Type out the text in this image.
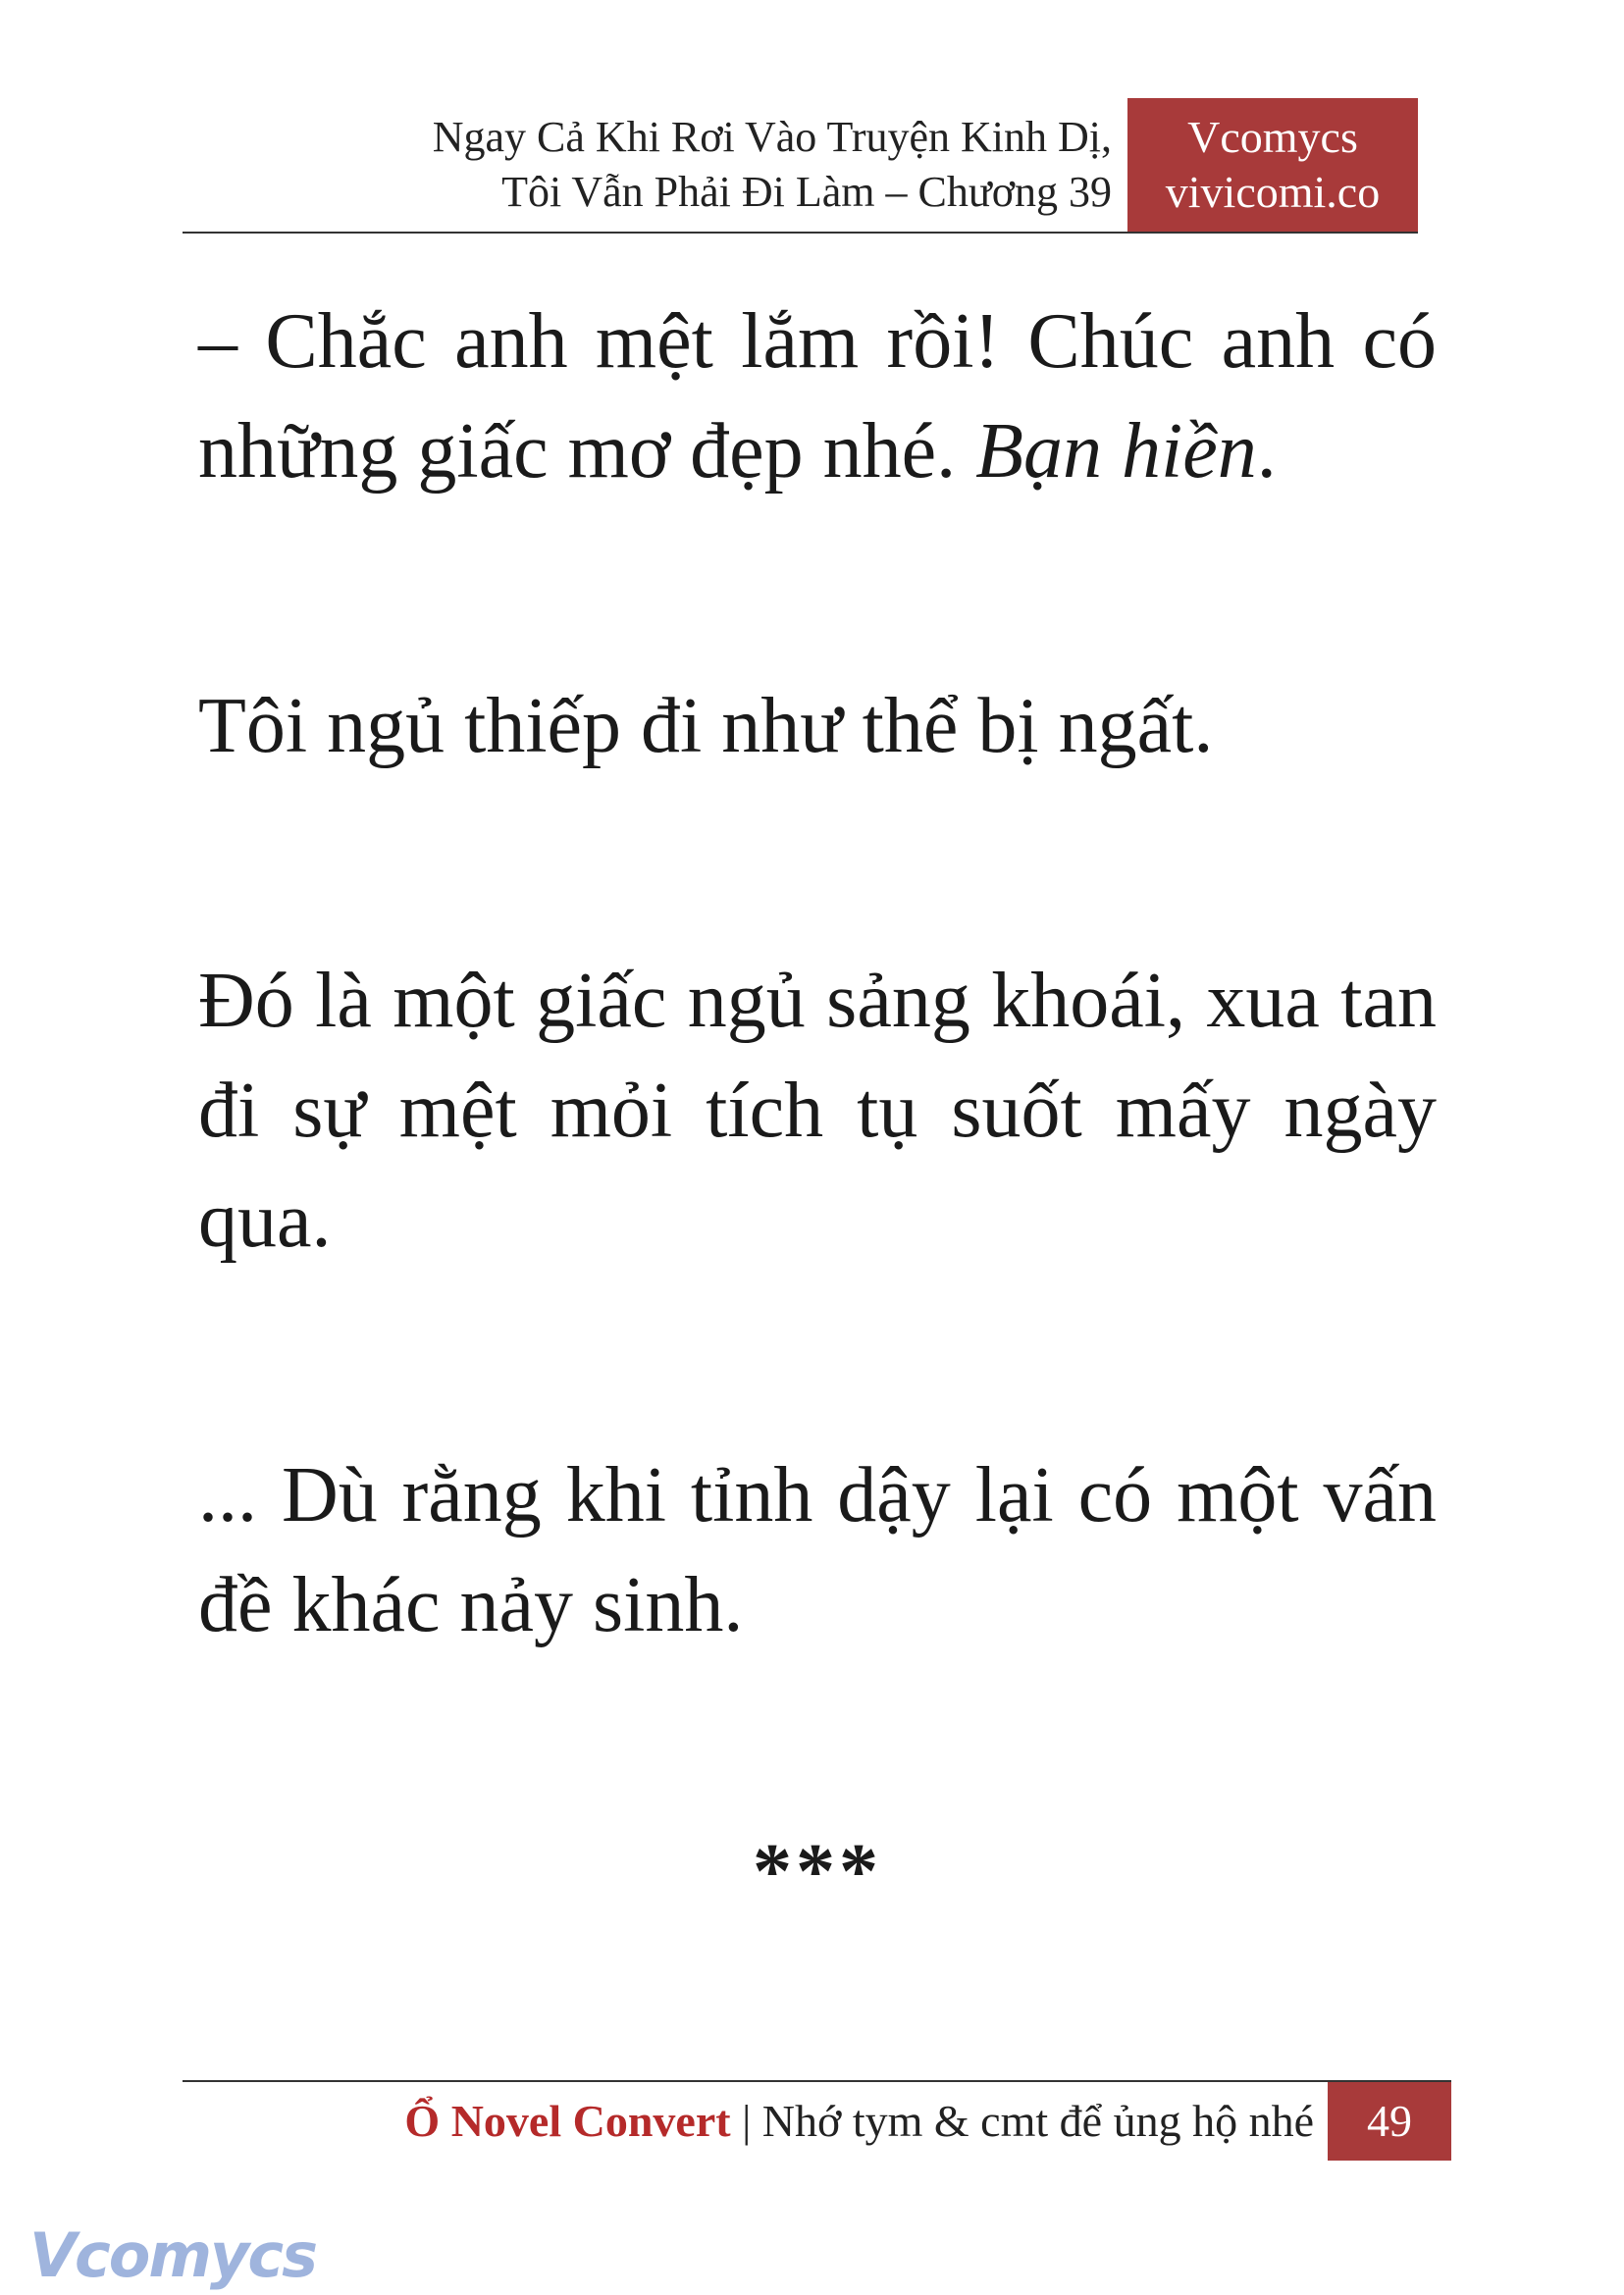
Ngay Cả Khi Rơi Vào Truyện Kinh Dị,
Tôi Vẫn Phải Đi Làm – Chương 39
Vcomycs
vivicomi.co

– Chắc anh mệt lắm rồi! Chúc anh có những giấc mơ đẹp nhé. Bạn hiền.

Tôi ngủ thiếp đi như thể bị ngất.

Đó là một giấc ngủ sảng khoái, xua tan đi sự mệt mỏi tích tụ suốt mấy ngày qua.

... Dù rằng khi tỉnh dậy lại có một vấn đề khác nảy sinh.

***

Ổ Novel Convert | Nhớ tym & cmt để ủng hộ nhé	49
Vcomycs
